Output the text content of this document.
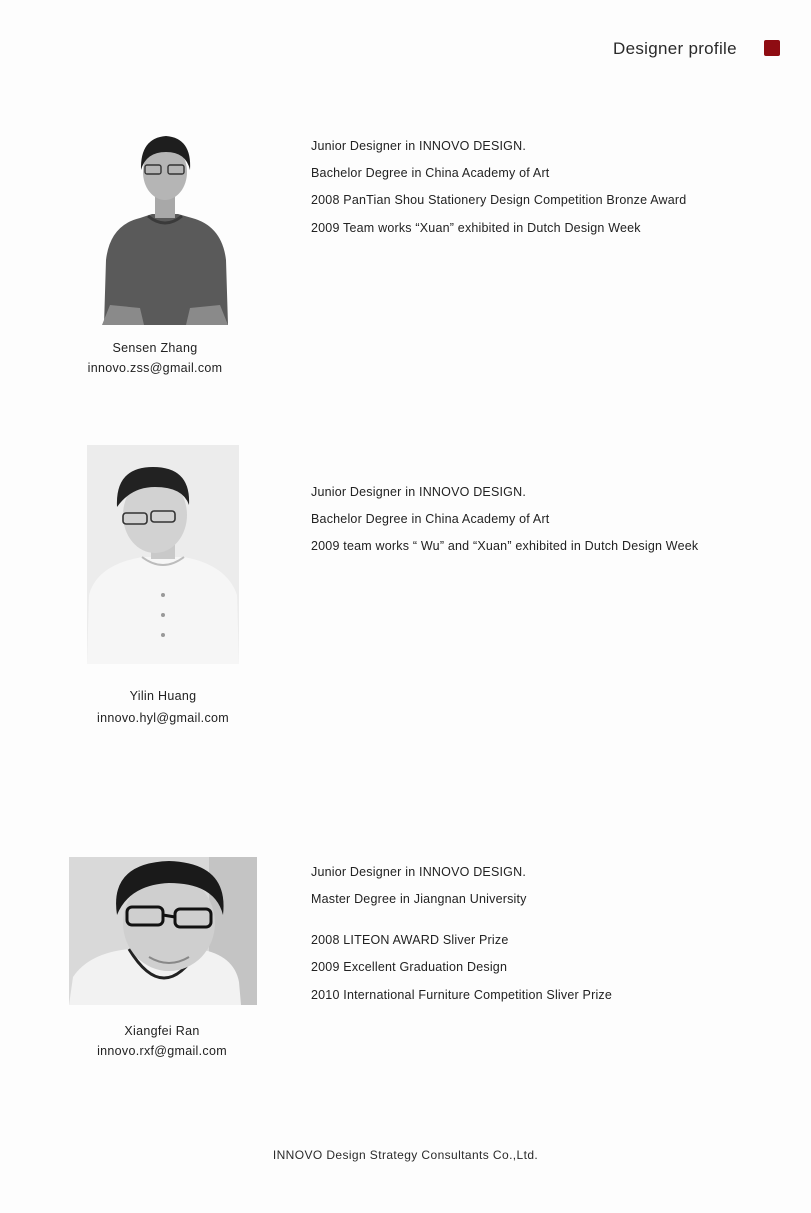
Designer profile
Sensen Zhang
innovo.zss@gmail.com
Junior Designer in INNOVO DESIGN.
Bachelor Degree in China Academy of Art
2008 PanTian Shou Stationery Design Competition Bronze Award
2009 Team works “Xuan” exhibited in Dutch Design Week
Yilin Huang
innovo.hyl@gmail.com
Junior Designer in INNOVO DESIGN.
Bachelor Degree in China Academy of Art
2009 team works “ Wu” and “Xuan” exhibited in Dutch Design Week
Xiangfei Ran
innovo.rxf@gmail.com
Junior Designer in INNOVO DESIGN.
Master Degree in Jiangnan University
2008 LITEON AWARD Sliver Prize
2009 Excellent Graduation Design
2010 International Furniture Competition Sliver Prize
INNOVO Design Strategy Consultants Co.,Ltd.
